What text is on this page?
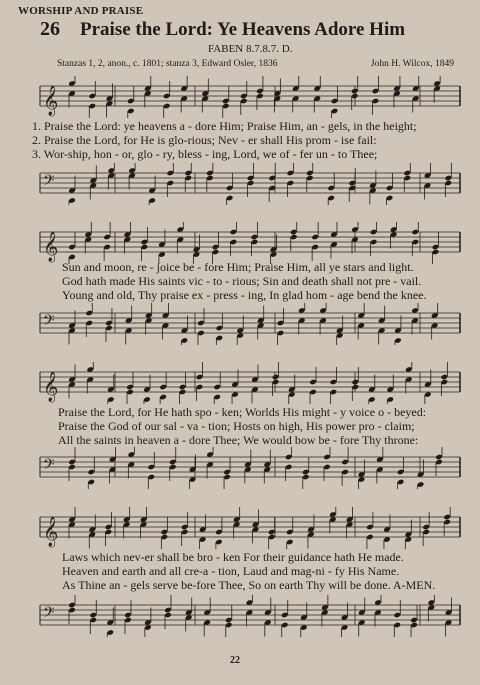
WORSHIP AND PRAISE
26 Praise the Lord: Ye Heavens Adore Him
FABEN 8.7.8.7. D.
Stanzas 1, 2, anon., c. 1801; stanza 3, Edward Osler, 1836	John H. Wilcox, 1849
𝄞
1. Praise the Lord: ye heavens a - dore Him; Praise Him, an - gels, in the height;
2. Praise the Lord, for He is glo-rious; Nev - er shall His prom - ise fail:
3. Wor-ship, hon - or, glo - ry, bless - ing, Lord, we of - fer un - to Thee;
𝄢
𝄞
Sun and moon, re - joice be - fore Him; Praise Him, all ye stars and light.
God hath made His saints vic - to - rious; Sin and death shall not pre - vail.
Young and old, Thy praise ex - press - ing, In glad hom - age bend the knee.
𝄢
𝄞
Praise the Lord, for He hath spo - ken; Worlds His might - y voice o - beyed:
Praise the God of our sal - va - tion; Hosts on high, His power pro - claim;
All the saints in heaven a - dore Thee; We would bow be - fore Thy throne:
𝄢
𝄞
Laws which nev-er shall be bro - ken For their guidance hath He made.
Heaven and earth and all cre-a - tion, Laud and mag-ni - fy His Name.
As Thine an - gels serve be-fore Thee, So on earth Thy will be done. A-MEN.
𝄢
22
